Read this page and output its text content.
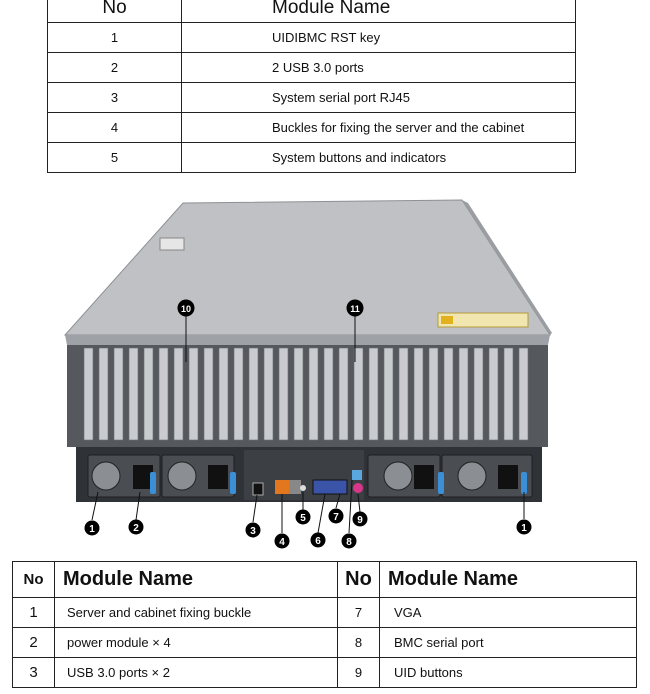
No	Module Name
1	UIDIBMC RST key
2	2 USB 3.0 ports
3	System serial port RJ45
4	Buckles for fixing the server and the cabinet
5	System buttons and indicators
1	2	3
4
5
6
7
8
9
10	11
1
No	Module Name	No	Module Name
1	Server and cabinet fixing buckle	7	VGA
2	power module × 4	8	BMC serial port
3	USB 3.0 ports × 2	9	UID buttons
